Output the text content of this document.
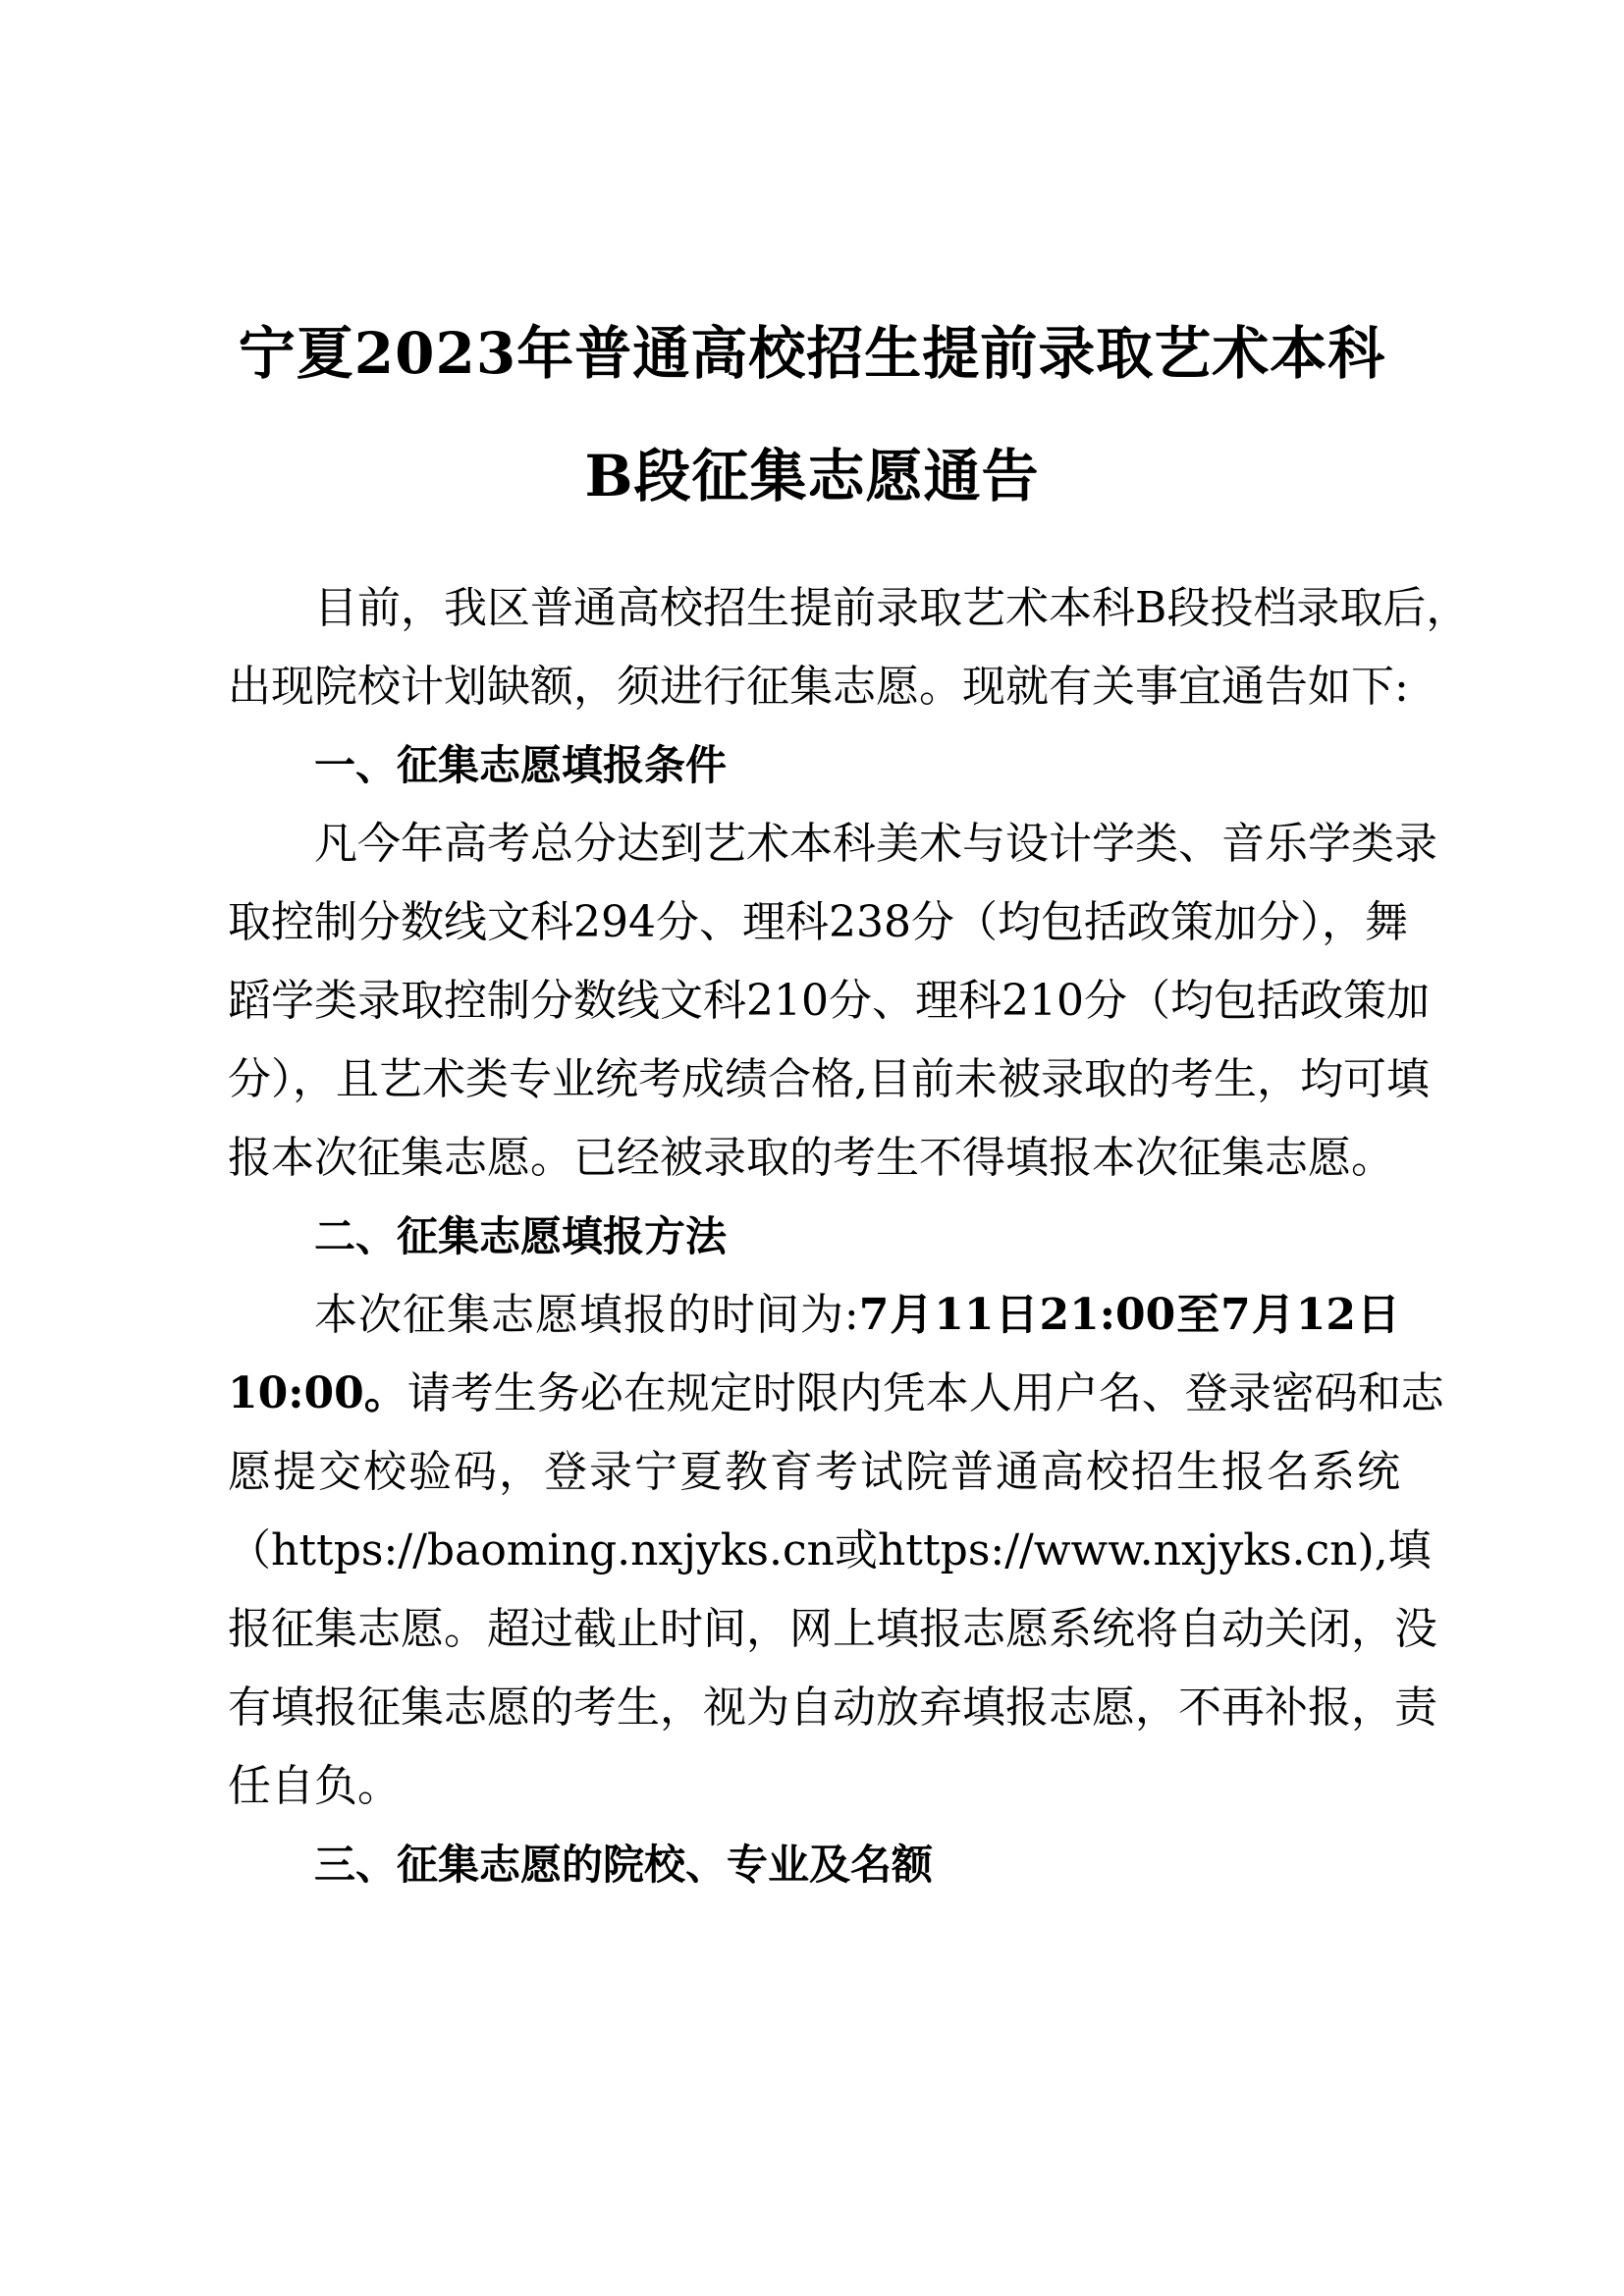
宁夏2023年普通高校招生提前录取艺术本科
B段征集志愿通告
目前，我区普通高校招生提前录取艺术本科B段投档录取后，
出现院校计划缺额，须进行征集志愿。现就有关事宜通告如下:
一、征集志愿填报条件
凡今年高考总分达到艺术本科美术与设计学类、音乐学类录
取控制分数线文科294分、理科238分（均包括政策加分），舞
蹈学类录取控制分数线文科210分、理科210分（均包括政策加
分），且艺术类专业统考成绩合格,目前未被录取的考生，均可填
报本次征集志愿。已经被录取的考生不得填报本次征集志愿。
二、征集志愿填报方法
本次征集志愿填报的时间为:7月11日21:00至7月12日
10:00。请考生务必在规定时限内凭本人用户名、登录密码和志
愿提交校验码，登录宁夏教育考试院普通高校招生报名系统
（https://baoming.nxjyks.cn或https://www.nxjyks.cn),填
报征集志愿。超过截止时间，网上填报志愿系统将自动关闭，没
有填报征集志愿的考生，视为自动放弃填报志愿，不再补报，责
任自负。
三、征集志愿的院校、专业及名额
